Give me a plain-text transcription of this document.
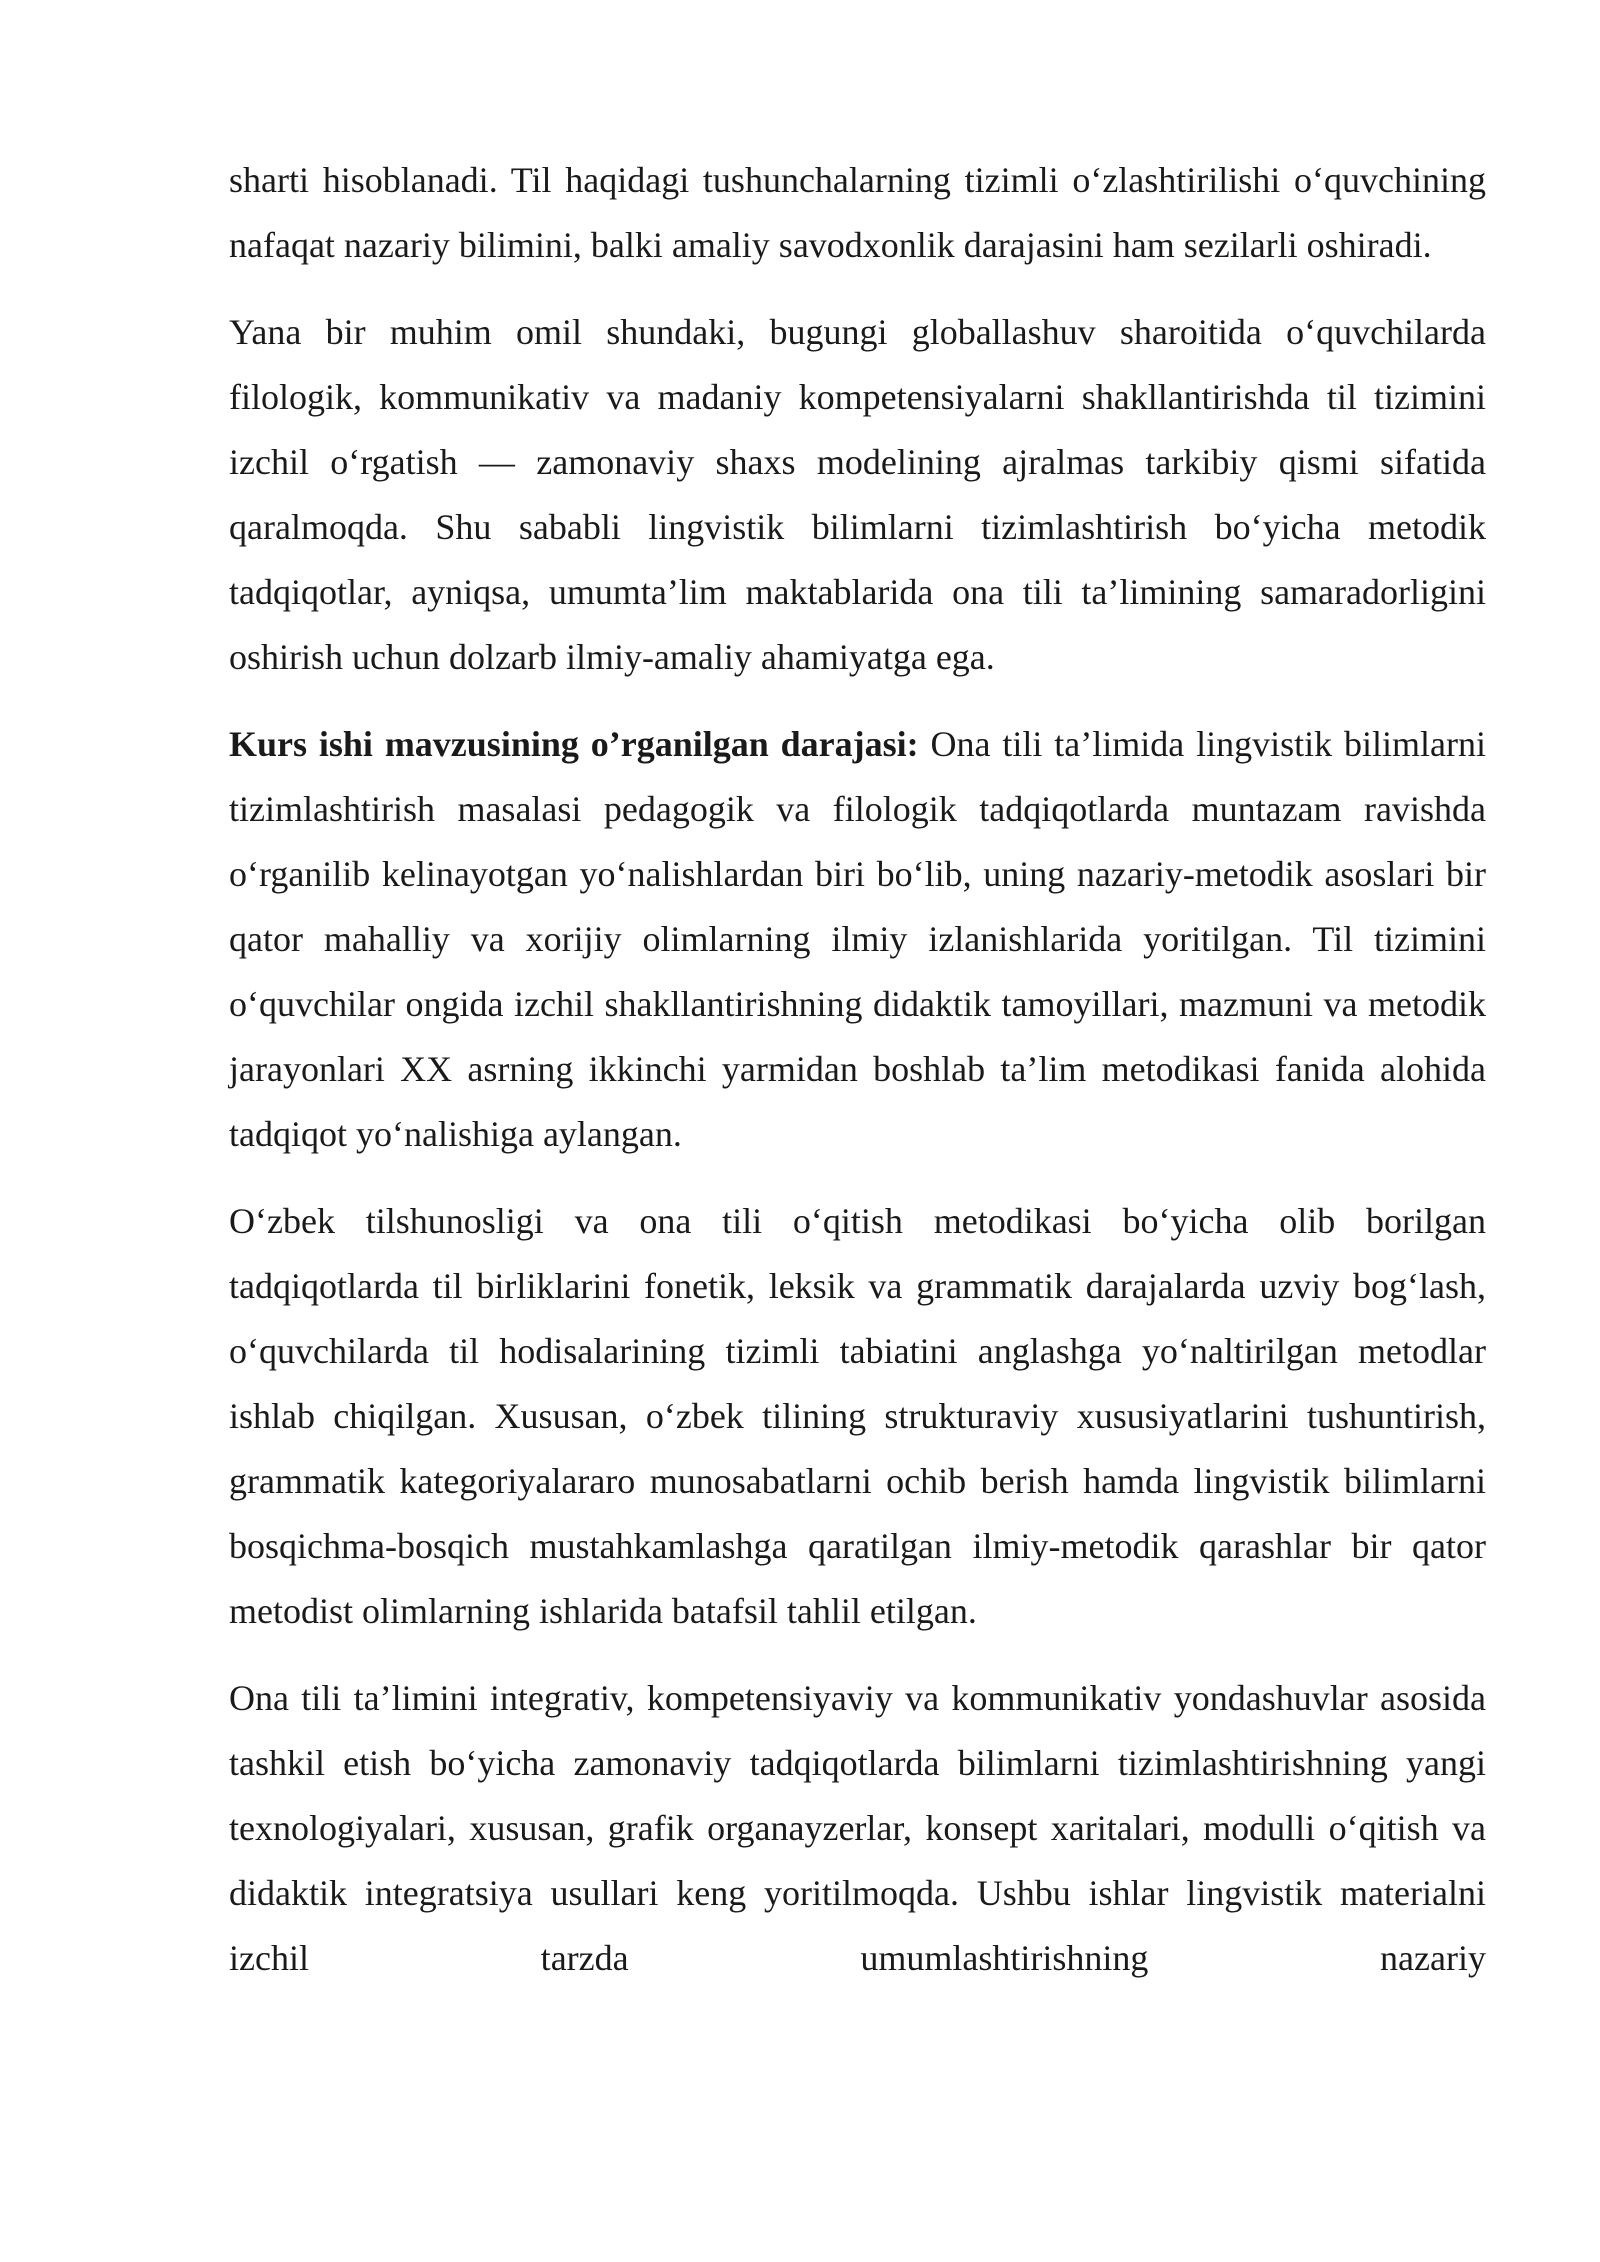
sharti hisoblanadi. Til haqidagi tushunchalarning tizimli o‘zlashtirilishi o‘quvchining nafaqat nazariy bilimini, balki amaliy savodxonlik darajasini ham sezilarli oshiradi.

Yana bir muhim omil shundaki, bugungi globallashuv sharoitida o‘quvchilarda filologik, kommunikativ va madaniy kompetensiyalarni shakllantirishda til tizimini izchil o‘rgatish — zamonaviy shaxs modelining ajralmas tarkibiy qismi sifatida qaralmoqda. Shu sababli lingvistik bilimlarni tizimlashtirish bo‘yicha metodik tadqiqotlar, ayniqsa, umumta’lim maktablarida ona tili ta’limining samaradorligini oshirish uchun dolzarb ilmiy-amaliy ahamiyatga ega.

Kurs ishi mavzusining o’rganilgan darajasi: Ona tili ta’limida lingvistik bilimlarni tizimlashtirish masalasi pedagogik va filologik tadqiqotlarda muntazam ravishda o‘rganilib kelinayotgan yo‘nalishlardan biri bo‘lib, uning nazariy-metodik asoslari bir qator mahalliy va xorijiy olimlarning ilmiy izlanishlarida yoritilgan. Til tizimini o‘quvchilar ongida izchil shakllantirishning didaktik tamoyillari, mazmuni va metodik jarayonlari XX asrning ikkinchi yarmidan boshlab ta’lim metodikasi fanida alohida tadqiqot yo‘nalishiga aylangan.

O‘zbek tilshunosligi va ona tili o‘qitish metodikasi bo‘yicha olib borilgan tadqiqotlarda til birliklarini fonetik, leksik va grammatik darajalarda uzviy bog‘lash, o‘quvchilarda til hodisalarining tizimli tabiatini anglashga yo‘naltirilgan metodlar ishlab chiqilgan. Xususan, o‘zbek tilining strukturaviy xususiyatlarini tushuntirish, grammatik kategoriyalararo munosabatlarni ochib berish hamda lingvistik bilimlarni bosqichma-bosqich mustahkamlashga qaratilgan ilmiy-metodik qarashlar bir qator metodist olimlarning ishlarida batafsil tahlil etilgan.

Ona tili ta’limini integrativ, kompetensiyaviy va kommunikativ yondashuvlar asosida tashkil etish bo‘yicha zamonaviy tadqiqotlarda bilimlarni tizimlashtirishning yangi texnologiyalari, xususan, grafik organayzerlar, konsept xaritalari, modulli o‘qitish va didaktik integratsiya usullari keng yoritilmoqda. Ushbu ishlar lingvistik materialni izchil tarzda umumlashtirishning nazariy
